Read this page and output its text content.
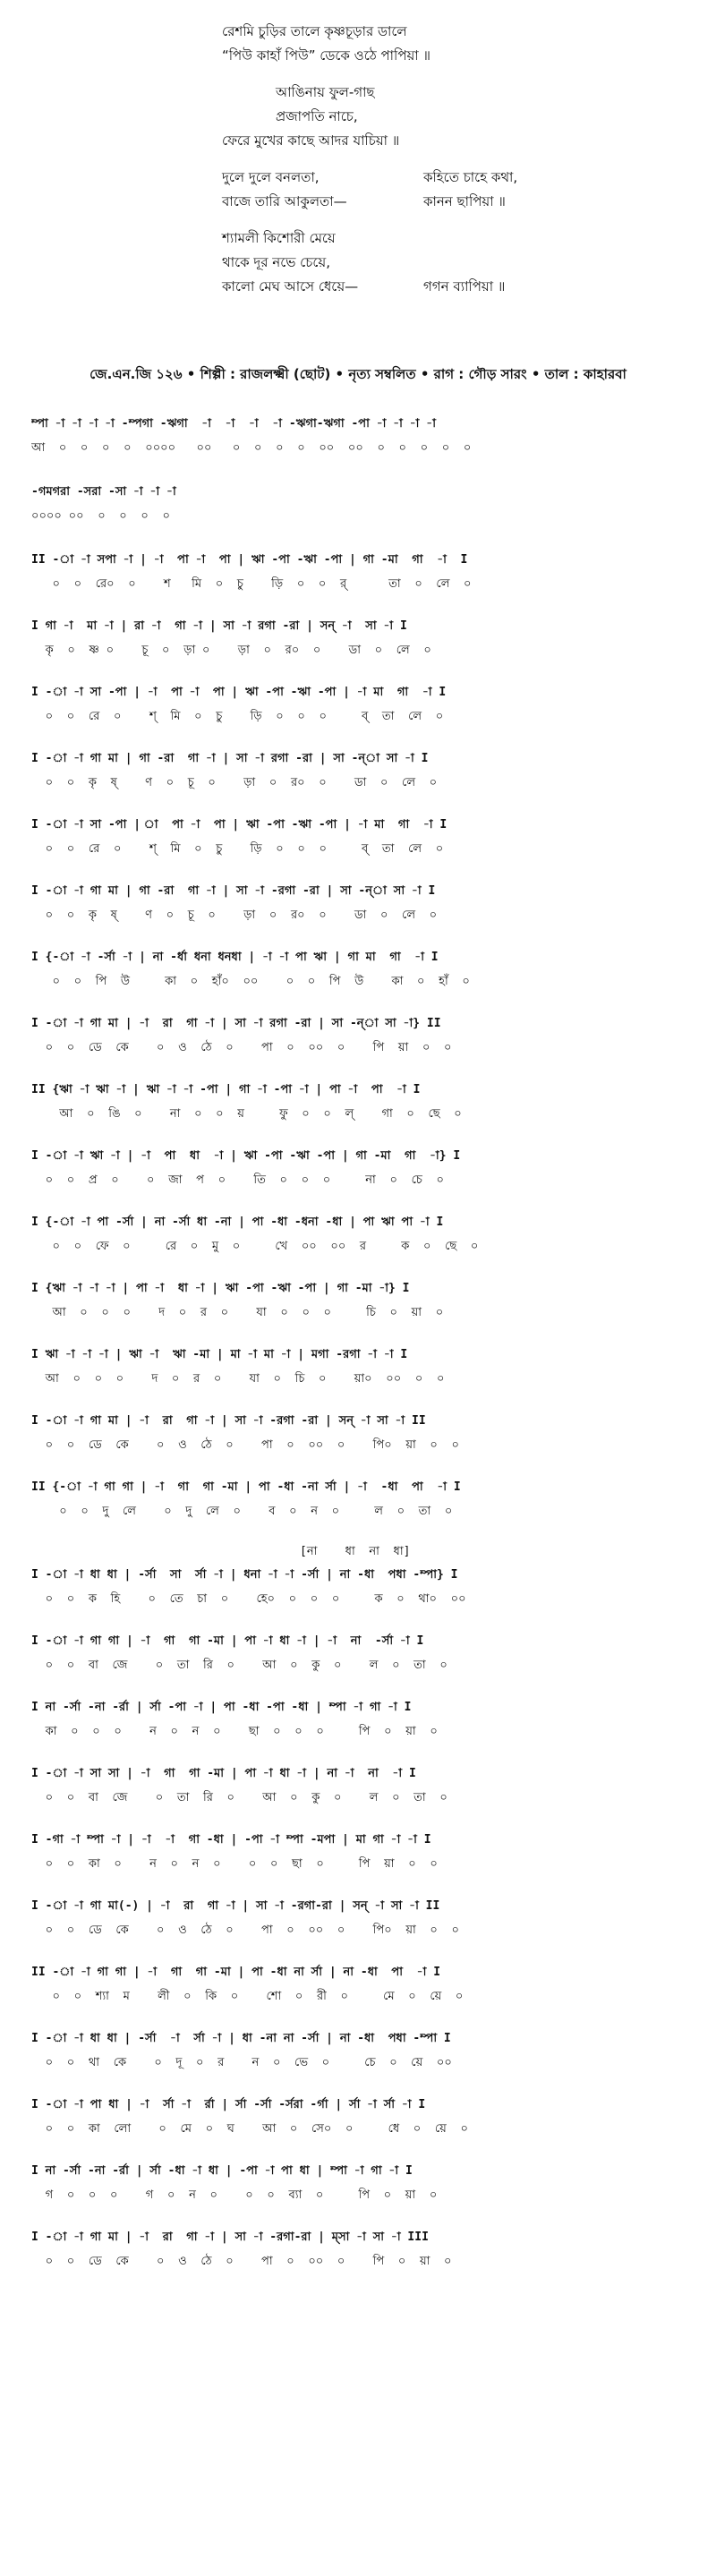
রেশমি চুড়ির তালে কৃষ্ণচূড়ার ডালে
“পিউ কাহাঁ পিউ” ডেকে ওঠে পাপিয়া ॥
আঙিনায় ফুল-গাছ
প্রজাপতি নাচে,
ফেরে মুখের কাছে আদর যাচিয়া ॥
দুলে দুলে বনলতা,	কহিতে চাহে কথা,
বাজে তারি আকুলতা—	কানন ছাপিয়া ॥
শ্যামলী কিশোরী মেয়ে
থাকে দূর নভে চেয়ে,
কালো মেঘ আসে ধেয়ে—	গগন ব্যাপিয়া ॥
জে.এন.জি ১২৬ • শিল্পী : রাজলক্ষ্মী (ছোট) • নৃত্য সম্বলিত • রাগ : গৌড় সারং • তাল : কাহারবা
ম্পা -া -া -া -া -ম্পগা -ঋগা  -া  -া  -া  -া -ঋগা-ঋগা -পা -া -া -া -া
আ  ০  ০  ০  ০  ০০০০   ০০   ০  ০  ০  ০  ০০  ০০  ০  ০  ০  ০  ০
-গমগরা -সরা -সা -া -া -া
০০০০ ০০  ০  ০  ০  ০
II -া -া সপা -া | -া  পা -া  পা | ঋা -পা -ঋা -পা | গা -মা  গা  -া  I
০  ০  রে০  ০    শ   মি  ০  চু    ড়ি  ০  ০  র্      তা  ০  লে  ০
I গা -া  মা -া | রা -া  গা -া | সা -া রগা -রা | সন্ -া  সা -া I
কৃ  ০  ষ্ণ ০    চূ  ০  ড়া ০    ড়া  ০  র০  ০    ডা  ০  লে  ০
I -া -া সা -পা | -া  পা -া  পা | ঋা -পা -ঋা -পা | -া মা  গা  -া I
০  ০  রে  ০    শ্  মি  ০  চু    ড়ি  ০  ০  ০     ব্  তা  লে  ০
I -া -া গা মা | গা -রা  গা -া | সা -া রগা -রা | সা -ন্া সা -া I
০  ০  কৃ  ষ্    ণ  ০  চূ  ০    ড়া  ০  র০  ০    ডা  ০  লে  ০
I -া -া সা -পা | া  পা -া  পা | ঋা -পা -ঋা -পা | -া মা  গা  -া I
০  ০  রে  ০    শ্  মি  ০  চু    ড়ি  ০  ০  ০     ব্  তা  লে  ০
I -া -া গা মা | গা -রা  গা -া | সা -া -রগা -রা | সা -ন্া সা -া I
০  ০  কৃ  ষ্    ণ  ০  চূ  ০    ড়া  ০  র০  ০    ডা  ০  লে  ০
I {-া -া -র্সা -া | না -র্ধা ধনা ধনধা | -া -া পা ঋা | গা মা  গা  -া I
০  ০  পি  উ     কা  ০  হাঁ০  ০০    ০  ০  পি  উ    কা  ০  হাঁ  ০
I -া -া গা মা | -া  রা  গা -া | সা -া রগা -রা | সা -ন্া সা -া} II
০  ০  ডে  কে    ০  ও  ঠে  ০    পা  ০  ০০  ০    পি  য়া  ০  ০
II {ঋা -া ঋা -া | ঋা -া -া -পা | গা -া -পা -া | পা -া  পা  -া I
আ  ০  ঙি  ০    না  ০  ০  য়     ফু  ০  ০  ল্    গা  ০  ছে  ০
I -া -া ঋা -া | -া  পা  ধা  -া | ঋা -পা -ঋা -পা | গা -মা  গা  -া} I
০  ০  প্র  ০    ০  জা  প  ০    তি  ০  ০  ০     না  ০  চে  ০
I {-া -া পা -র্সা | না -র্সা ধা -না | পা -ধা -ধনা -ধা | পা ঋা পা -া I
০  ০  ফে  ০     রে  ০  মু  ০     খে  ০০  ০০  র     ক  ০  ছে  ০
I {ঋা -া -া -া | পা -া  ধা -া | ঋা -পা -ঋা -পা | গা -মা -া} I
আ  ০  ০  ০    দ  ০  র  ০    যা  ০  ০  ০     চি  ০  য়া  ০
I ঋা -া -া -া | ঋা -া  ঋা -মা | মা -া মা -া | মগা -রগা -া -া I
আ  ০  ০  ০    দ  ০  র  ০    যা  ০  চি  ০    য়া০  ০০  ০  ০
I -া -া গা মা | -া  রা  গা -া | সা -া -রগা -রা | সন্ -া সা -া II
০  ০  ডে  কে    ০  ও  ঠে  ০    পা  ০  ০০  ০    পি০  য়া  ০  ০
II {-া -া গা গা | -া  গা  গা -মা | পা -ধা -না র্সা | -া  -ধা  পা  -া I
০  ০  দু  লে    ০  দু  লে  ০    ব  ০  ন  ০     ল  ০  তা  ০
[না    ধা  না  ধা]
I -া -া ধা ধা | -র্সা  সা  র্সা -া | ধনা -া -া -র্সা | না -ধা  পধা -ম্পা} I
০  ০  ক  হি    ০  তে  চা  ০    হে০  ০  ০  ০     ক  ০  থা০  ০০
I -া -া গা গা | -া  গা  গা -মা | পা -া ধা -া | -া  না  -র্সা -া I
০  ০  বা  জে    ০  তা  রি  ০    আ  ০  কু  ০    ল  ০  তা  ০
I না -র্সা -না -র্রা | র্সা -পা -া | পা -ধা -পা -ধা | ম্পা -া গা -া I
কা  ০  ০  ০    ন  ০  ন  ০    ছা  ০  ০  ০     পি  ০  য়া  ০
I -া -া সা সা | -া  গা  গা -মা | পা -া ধা -া | না -া  না  -া I
০  ০  বা  জে    ০  তা  রি  ০    আ  ০  কু  ০    ল  ০  তা  ০
I -গা -া ম্পা -া | -া  -া  গা -ধা | -পা -া ম্পা -মপা | মা গা -া -া I
০  ০  কা  ০    ন  ০  ন  ০    ০  ০  ছা  ০     পি  য়া  ০  ০
I -া -া গা মা(-) | -া  রা  গা -া | সা -া -রগা-রা | সন্ -া সা -া II
০  ০  ডে  কে    ০  ও  ঠে  ০    পা  ০  ০০  ০    পি০  য়া  ০  ০
II -া -া গা গা | -া  গা  গা -মা | পা -ধা না র্সা | না -ধা  পা  -া I
০  ০  শ্যা  ম    লী  ০  কি  ০    শো  ০  রী  ০     মে  ০  য়ে  ০
I -া -া ধা ধা | -র্সা  -া  র্সা -া | ধা -না না -র্সা | না -ধা  পধা -ম্পা I
০  ০  থা  কে    ০  দূ  ০  র    ন  ০  ভে  ০     চে  ০  য়ে  ০০
I -া -া পা ধা | -া  র্সা -া  র্রা | র্সা -র্সা -র্সরা -র্গা | র্সা -া র্সা -া I
০  ০  কা  লো    ০  মে  ০  ঘ    আ  ০  সে০  ০     ধে  ০  য়ে  ০
I না -র্সা -না -র্রা | র্সা -ধা -া ধা | -পা -া পা ধা | ম্পা -া গা -া I
গ  ০  ০  ০    গ  ০  ন  ০    ০  ০  ব্যা  ০     পি  ০  য়া  ০
I -া -া গা মা | -া  রা  গা -া | সা -া -রগা-রা | ম্সা -া সা -া III
০  ০  ডে  কে    ০  ও  ঠে  ০    পা  ০  ০০  ০    পি  ০  য়া  ০
